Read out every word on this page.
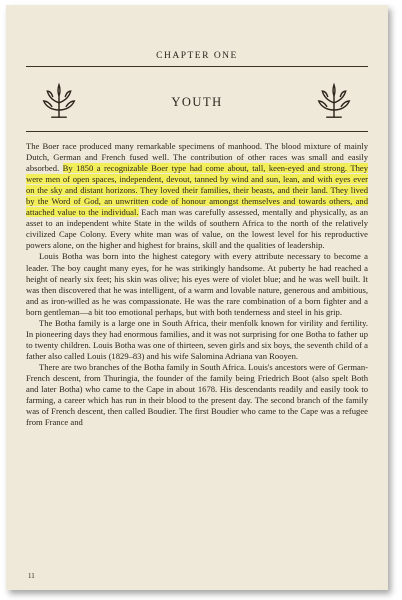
CHAPTER ONE
YOUTH

The Boer race produced many remarkable specimens of manhood. The blood mixture of mainly Dutch, German and French fused well. The contribution of other races was small and easily absorbed. By 1850 a recognizable Boer type had come about, tall, keen-eyed and strong. They were men of open spaces, independent, devout, tanned by wind and sun, lean, and with eyes ever on the sky and distant horizons. They loved their families, their beasts, and their land. They lived by the Word of God, an unwritten code of honour amongst themselves and towards others, and attached value to the individual. Each man was carefully assessed, mentally and physically, as an asset to an independent white State in the wilds of southern Africa to the north of the relatively civilized Cape Colony. Every white man was of value, on the lowest level for his reproductive powers alone, on the higher and highest for brains, skill and the qualities of leadership.

Louis Botha was born into the highest category with every attribute necessary to become a leader. The boy caught many eyes, for he was strikingly handsome. At puberty he had reached a height of nearly six feet; his skin was olive; his eyes were of violet blue; and he was well built. It was then discovered that he was intelligent, of a warm and lovable nature, generous and ambitious, and as iron-willed as he was compassionate. He was the rare combination of a born fighter and a born gentleman—a bit too emotional perhaps, but with both tenderness and steel in his grip.

The Botha family is a large one in South Africa, their menfolk known for virility and fertility. In pioneering days they had enormous families, and it was not surprising for one Botha to father up to twenty children. Louis Botha was one of thirteen, seven girls and six boys, the seventh child of a father also called Louis (1829–83) and his wife Salomina Adriana van Rooyen.

There are two branches of the Botha family in South Africa. Louis's ancestors were of German-French descent, from Thuringia, the founder of the family being Friedrich Boot (also spelt Both and later Botha) who came to the Cape in about 1678. His descendants readily and easily took to farming, a career which has run in their blood to the present day. The second branch of the family was of French descent, then called Boudier. The first Boudier who came to the Cape was a refugee from France and

11
